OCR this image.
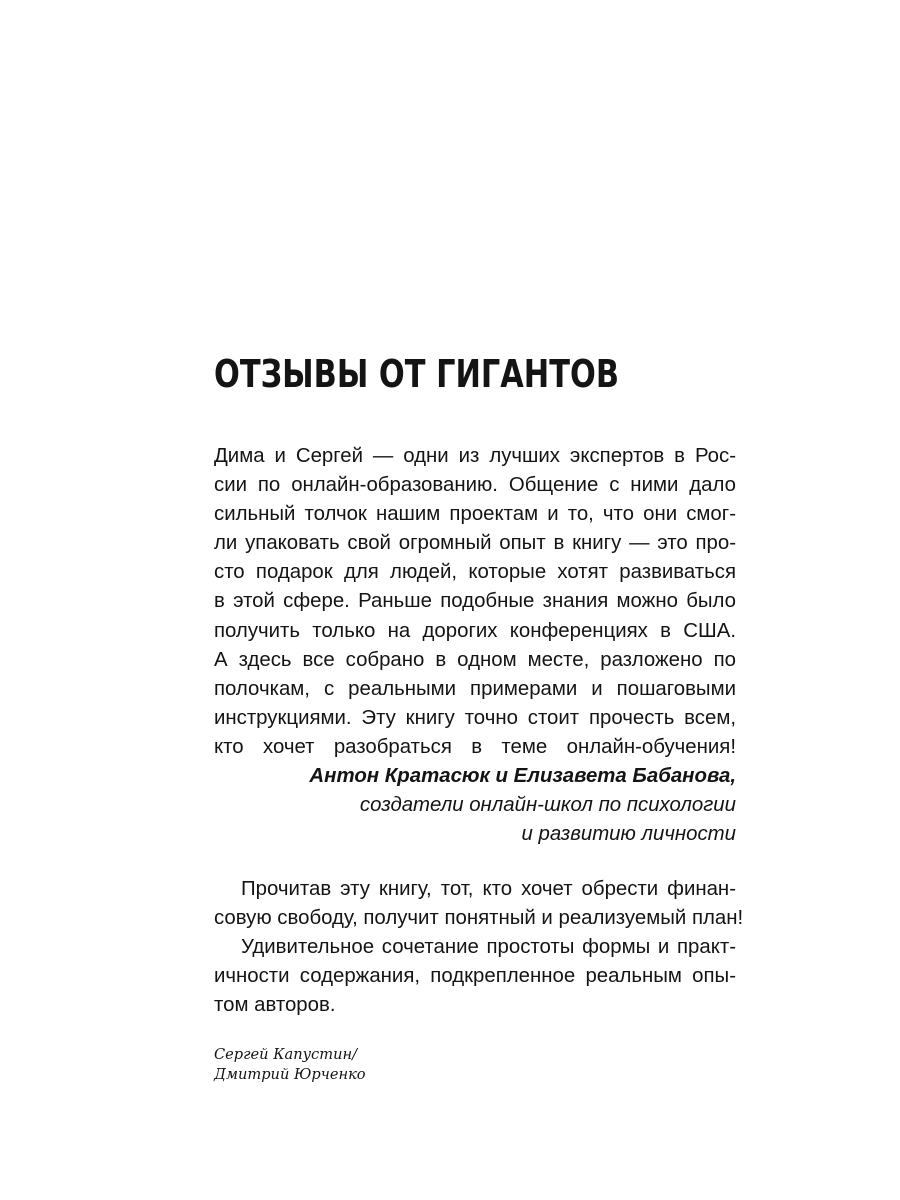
ОТЗЫВЫ ОТ ГИГАНТОВ
Дима и Сергей — одни из лучших экспертов в Рос-
сии по онлайн-образованию. Общение с ними дало
сильный толчок нашим проектам и то, что они смог-
ли упаковать свой огромный опыт в книгу — это про-
сто подарок для людей, которые хотят развиваться
в этой сфере. Раньше подобные знания можно было
получить только на дорогих конференциях в США.
А здесь все собрано в одном месте, разложено по
полочкам, с реальными примерами и пошаговыми
инструкциями. Эту книгу точно стоит прочесть всем,
кто хочет разобраться в теме онлайн-обучения!
Антон Кратасюк и Елизавета Бабанова,
создатели онлайн-школ по психологии
и развитию личности
Прочитав эту книгу, тот, кто хочет обрести финан-
совую свободу, получит понятный и реализуемый план!
Удивительное сочетание простоты формы и практ-
ичности содержания, подкрепленное реальным опы-
том авторов.
Сергей Капустин/
Дмитрий Юрченко
